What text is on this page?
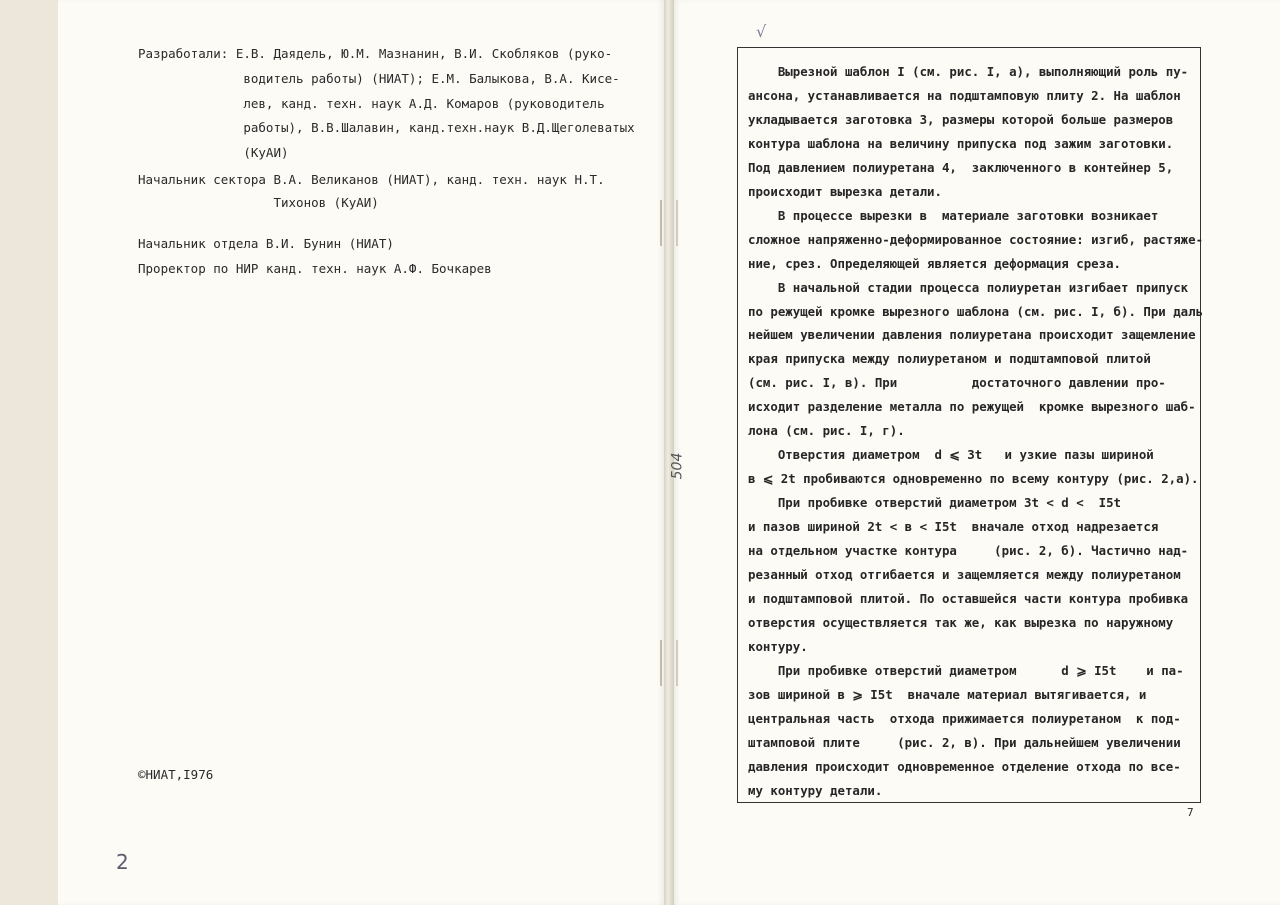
Разработали: Е.В. Даядель, Ю.М. Мазнанин, В.И. Скобляков (руко-
водитель работы) (НИАТ); Е.М. Балыкова, В.А. Кисе-
лев, канд. техн. наук А.Д. Комаров (руководитель
работы), В.В.Шалавин, канд.техн.наук В.Д.Щеголеватых
(КуАИ)
Начальник сектора В.А. Великанов (НИАТ), канд. техн. наук Н.Т.
Тихонов (КуАИ)
Начальник отдела В.И. Бунин (НИАТ)
Проректор по НИР канд. техн. наук А.Ф. Бочкарев
©НИАТ,I976
2
504
√
Вырезной шаблон I (см. рис. I, а), выполняющий роль пу-
ансона, устанавливается на подштамповую плиту 2. На шаблон
укладывается заготовка 3, размеры которой больше размеров
контура шаблона на величину припуска под зажим заготовки.
Под давлением полиуретана 4,  заключенного в контейнер 5,
происходит вырезка детали.
В процессе вырезки в  материале заготовки возникает
сложное напряженно-деформированное состояние: изгиб, растяже-
ние, срез. Определяющей является деформация среза.
В начальной стадии процесса полиуретан изгибает припуск
по режущей кромке вырезного шаблона (см. рис. I, б). При даль
нейшем увеличении давления полиуретана происходит защемление
края припуска между полиуретаном и подштамповой плитой
(см. рис. I, в). При          достаточного давлении про-
исходит разделение металла по режущей  кромке вырезного шаб-
лона (см. рис. I, г).
Отверстия диаметром  d ⩽ 3t   и узкие пазы шириной
в ⩽ 2t пробиваются одновременно по всему контуру (рис. 2,а).
При пробивке отверстий диаметром 3t < d <  I5t
и пазов шириной 2t < в < I5t  вначале отход надрезается
на отдельном участке контура     (рис. 2, б). Частично над-
резанный отход отгибается и защемляется между полиуретаном
и подштамповой плитой. По оставшейся части контура пробивка
отверстия осуществляется так же, как вырезка по наружному
контуру.
При пробивке отверстий диаметром      d ⩾ I5t    и па-
зов шириной в ⩾ I5t  вначале материал вытягивается, и
центральная часть  отхода прижимается полиуретаном  к под-
штамповой плите     (рис. 2, в). При дальнейшем увеличении
давления происходит одновременное отделение отхода по все-
му контуру детали.
7
